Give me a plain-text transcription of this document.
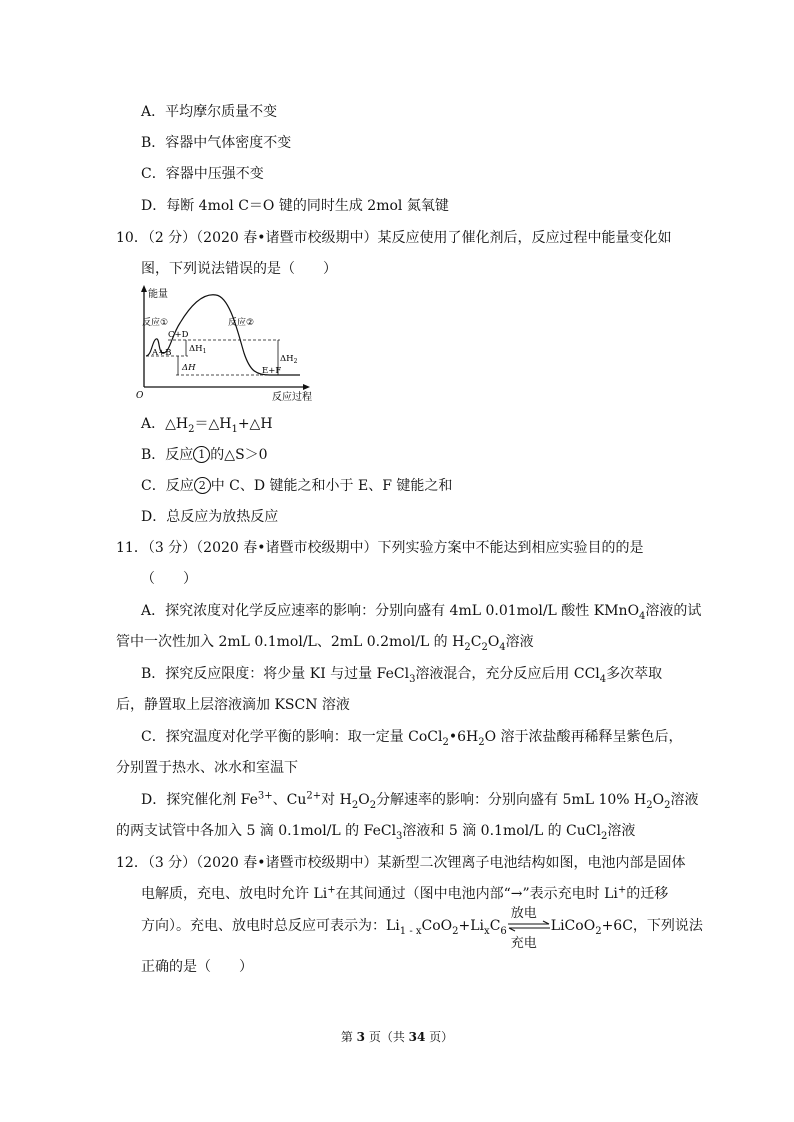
A．平均摩尔质量不变
B．容器中气体密度不变
C．容器中压强不变
D．每断 4mol C＝O 键的同时生成 2mol 氮氧键
10．（2 分）（2020 春•诸暨市校级期中）某反应使用了催化剂后，反应过程中能量变化如
图，下列说法错误的是（　　）
能量
反应过程
O
反应①	反应②
C+D
A+B
E+F
$\Delta H_1$
ΔH
$\Delta H_2$
A．$\triangle H_2=\triangle H_1+\triangle H$
B．反应 1 的△S＞0
C．反应 2 中 C、D 键能之和小于 E、F 键能之和
D．总反应为放热反应
11．（3 分）（2020 春•诸暨市校级期中）下列实验方案中不能达到相应实验目的的是
（　　）
A．探究浓度对化学反应速率的影响：分别向盛有 4mL 0.01mol/L 酸性 KMnO$_4$溶液的试
管中一次性加入 2mL 0.1mol/L、2mL 0.2mol/L 的 $H_2C_2O_4$溶液
B．探究反应限度：将少量 KI 与过量 FeCl$_3$溶液混合，充分反应后用 CCl$_4$多次萃取
后，静置取上层溶液滴加 KSCN 溶液
C．探究温度对化学平衡的影响：取一定量 $CoCl_2•6H_2O$ 溶于浓盐酸再稀释呈紫色后，
分别置于热水、冰水和室温下
D．探究催化剂 $Fe^{3+}$、$Cu^{2+}$对 $H_2O_2$分解速率的影响：分别向盛有 5mL 10% $H_2O_2$溶液
的两支试管中各加入 5 滴 0.1mol/L 的 FeCl$_3$溶液和 5 滴 0.1mol/L 的 CuCl$_2$溶液
12．（3 分）（2020 春•诸暨市校级期中）某新型二次锂离子电池结构如图，电池内部是固体
电解质，充电、放电时允许 Li+在其间通过（图中电池内部“→”表示充电时 Li+的迁移
方向）。充电、放电时总反应可表示为：$Li_{1 - x}CoO_2+Li_xC_6$
放电
充电
LiCoO$_2$+6C，下列说法
正确的是（　　）
第 3 页（共 34 页）
